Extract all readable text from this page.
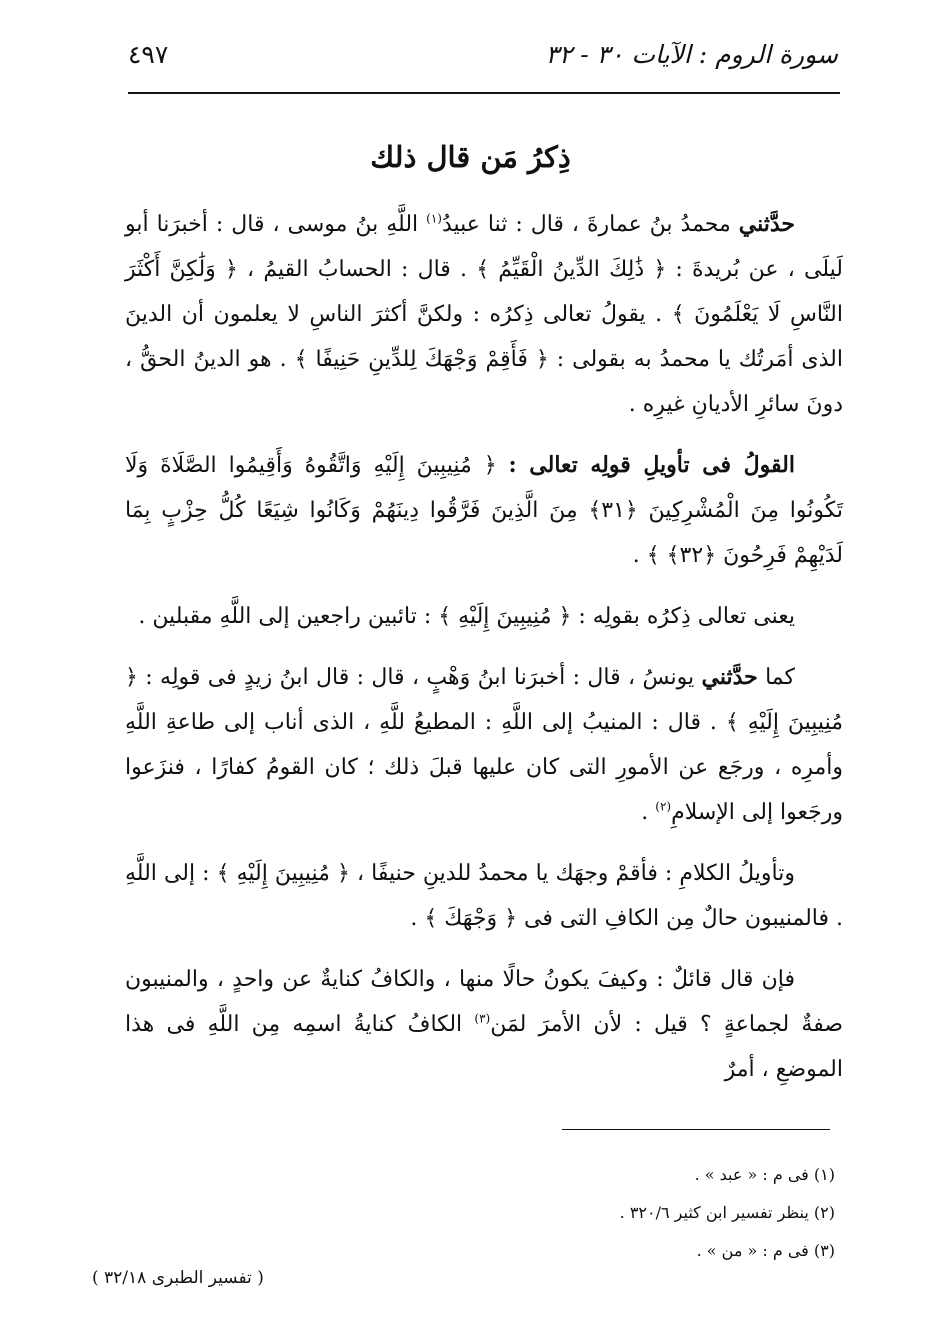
سورة الروم : الآيات ٣٠ - ٣٢
٤٩٧
ذِكرُ مَن قال ذلك

حدَّثني محمدُ بنُ عمارةَ ، قال : ثنا عبيدُ$^{(١)}$ اللَّهِ بنُ موسى ، قال : أخبرَنا أبو لَيلَى ، عن بُريدةَ : ﴿ ذَٰلِكَ الدِّينُ الْقَيِّمُ ﴾ . قال : الحسابُ القيمُ ، ﴿ وَلَٰكِنَّ أَكْثَرَ النَّاسِ لَا يَعْلَمُونَ ﴾ . يقولُ تعالى ذِكرُه : ولكنَّ أكثرَ الناسِ لا يعلمون أن الدينَ الذى أمَرتُك يا محمدُ به بقولى : ﴿ فَأَقِمْ وَجْهَكَ لِلدِّينِ حَنِيفًا ﴾ . هو الدينُ الحقُّ ، دونَ سائرِ الأديانِ غيرِه .

القولُ فى تأويلِ قولِه تعالى : ﴿ مُنِيبِينَ إِلَيْهِ وَاتَّقُوهُ وَأَقِيمُوا الصَّلَاةَ وَلَا تَكُونُوا مِنَ الْمُشْرِكِينَ ﴿٣١﴾ مِنَ الَّذِينَ فَرَّقُوا دِينَهُمْ وَكَانُوا شِيَعًا كُلُّ حِزْبٍ بِمَا لَدَيْهِمْ فَرِحُونَ ﴿٣٢﴾ ﴾ .

يعنى تعالى ذِكرُه بقولِه : ﴿ مُنِيبِينَ إِلَيْهِ ﴾ : تائبين راجعين إلى اللَّهِ مقبلين .

كما حدَّثني يونسُ ، قال : أخبرَنا ابنُ وَهْبٍ ، قال : قال ابنُ زيدٍ فى قولِه : ﴿ مُنِيبِينَ إِلَيْهِ ﴾ . قال : المنيبُ إلى اللَّهِ : المطيعُ للَّهِ ، الذى أناب إلى طاعةِ اللَّهِ وأمرِه ، ورجَع عن الأمورِ التى كان عليها قبلَ ذلك ؛ كان القومُ كفارًا ، فنزَعوا ورجَعوا إلى الإسلامِ$^{(٢)}$ .

وتأويلُ الكلامِ : فأقمْ وجهَك يا محمدُ للدينِ حنيفًا ، ﴿ مُنِيبِينَ إِلَيْهِ ﴾ : إلى اللَّهِ . فالمنيبون حالٌ مِن الكافِ التى فى ﴿ وَجْهَكَ ﴾ .

فإن قال قائلٌ : وكيفَ يكونُ حالًا منها ، والكافُ كنايةٌ عن واحدٍ ، والمنيبون صفةٌ لجماعةٍ ؟ قيل : لأن الأمرَ لمَن$^{(٣)}$ الكافُ كنايةُ اسمِه مِن اللَّهِ فى هذا الموضعِ ، أمرٌ

(١) فى م : « عبد » .
(٢) ينظر تفسير ابن كثير ٣٢٠/٦ .
(٣) فى م : « من » .
( تفسير الطبرى ٣٢/١٨ )
